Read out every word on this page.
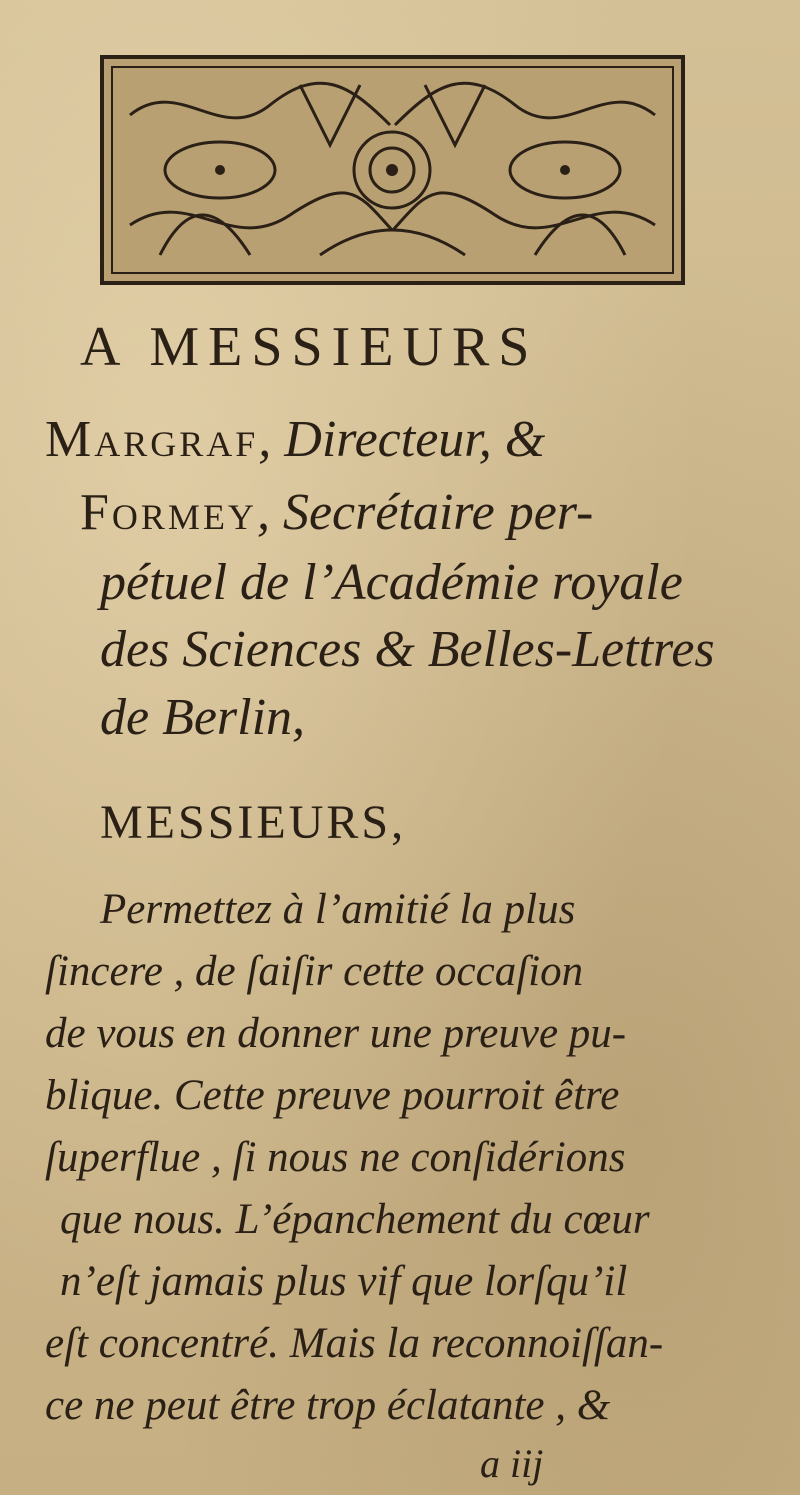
A MESSIEURS
Margraf, Directeur, &
Formey, Secrétaire per-
pétuel de l’Académie royale
des Sciences & Belles-Lettres
de Berlin,
MESSIEURS,
Permettez à l’amitié la plus
ſincere , de ſaiſir cette occaſion
de vous en donner une preuve pu-
blique. Cette preuve pourroit être
ſuperflue , ſi nous ne conſidérions
que nous. L’épanchement du cœur
n’eſt jamais plus vif que lorſqu’il
eſt concentré. Mais la reconnoiſſan-
ce ne peut être trop éclatante , &
a iij
